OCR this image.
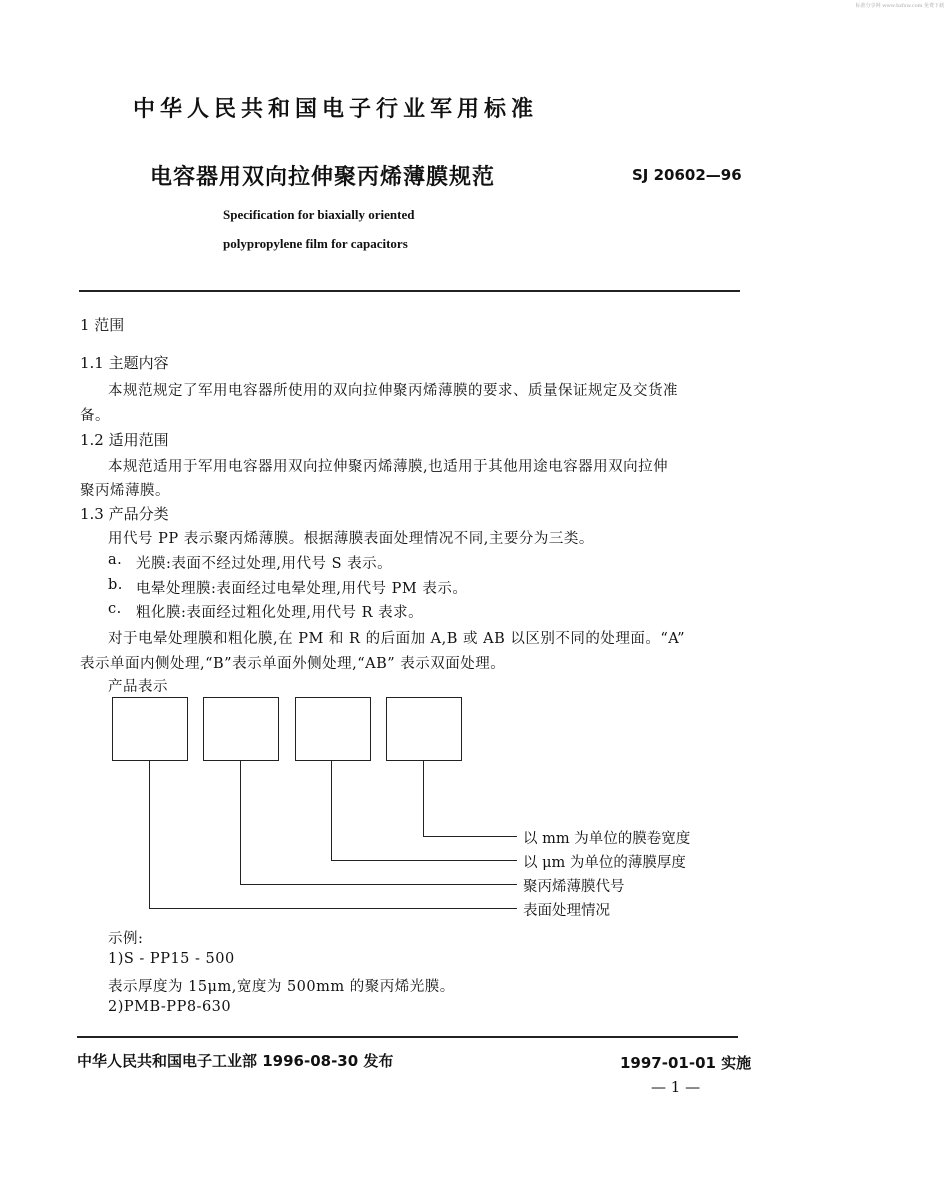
标准分享网 www.bzfxw.com 免费下载
中华人民共和国电子行业军用标准
电容器用双向拉伸聚丙烯薄膜规范	SJ 20602—96
Specification for biaxially oriented
polypropylene film for capacitors
1 范围
1.1 主题内容
本规范规定了军用电容器所使用的双向拉伸聚丙烯薄膜的要求、质量保证规定及交货准
备。
1.2 适用范围
本规范适用于军用电容器用双向拉伸聚丙烯薄膜,也适用于其他用途电容器用双向拉伸
聚丙烯薄膜。
1.3 产品分类
用代号 PP 表示聚丙烯薄膜。根据薄膜表面处理情况不同,主要分为三类。
a. 光膜:表面不经过处理,用代号 S 表示。
b. 电晕处理膜:表面经过电晕处理,用代号 PM 表示。
c. 粗化膜:表面经过粗化处理,用代号 R 表求。
对于电晕处理膜和粗化膜,在 PM 和 R 的后面加 A,B 或 AB 以区别不同的处理面。“A”
表示单面内侧处理,“B”表示单面外侧处理,“AB” 表示双面处理。
产品表示
以 mm 为单位的膜卷宽度
以 μm 为单位的薄膜厚度
聚丙烯薄膜代号
表面处理情况
示例:
1)S - PP15 - 500
表示厚度为 15μm,宽度为 500mm 的聚丙烯光膜。
2)PMB-PP8-630
中华人民共和国电子工业部 1996-08-30 发布	1997-01-01 实施
— 1 —
